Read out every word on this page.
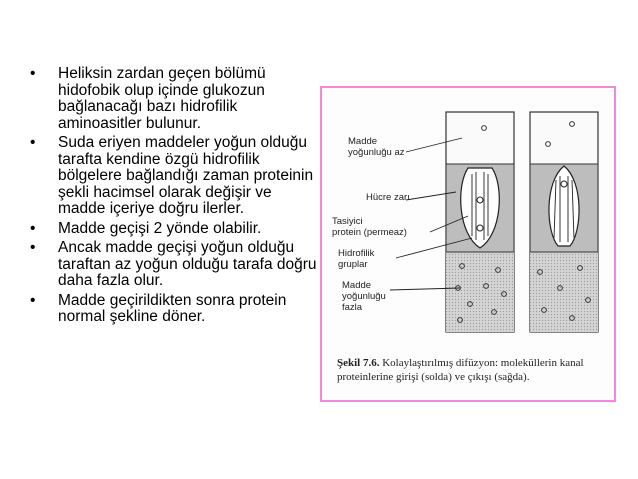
• Heliksin zardan geçen bölümü hidofobik olup içinde glukozun bağlanacağı bazı hidrofilik aminoasitler bulunur.
• Suda eriyen maddeler yoğun olduğu tarafta kendine özgü hidrofilik bölgelere bağlandığı zaman proteinin şekli hacimsel olarak değişir ve madde içeriye doğru ilerler.
• Madde geçişi 2 yönde olabilir.
• Ancak madde geçişi yoğun olduğu taraftan az yoğun olduğu tarafa doğru daha fazla olur.
• Madde geçirildikten sonra protein normal şekline döner.
Madde
yoğunluğu az
Hücre zarı
Tasiyici
protein (permeaz)
Hidrofilik
gruplar
Madde
yoğunluğu
fazla
Şekil 7.6. Kolaylaştırılmış difüzyon: moleküllerin kanal proteinlerine girişi (solda) ve çıkışı (sağda).
